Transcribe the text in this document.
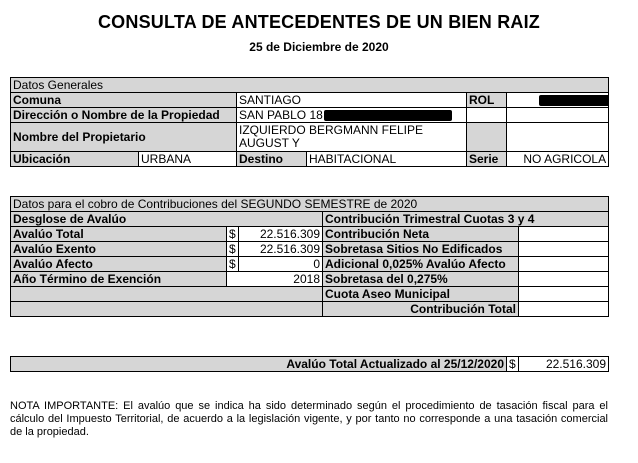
CONSULTA DE ANTECEDENTES DE UN BIEN RAIZ
25 de Diciembre de 2020
Datos Generales					
Comuna		SANTIAGO		ROL	
Dirección o Nombre de la Propiedad		SAN PABLO 18			
Nombre del Propietario		IZQUIERDO BERGMANN FELIPE AUGUST Y			
Ubicación	URBANA	Destino	HABITACIONAL	Serie	NO AGRICOLA
Datos para el cobro de Contribuciones del SEGUNDO SEMESTRE de 2020				
Desglose de Avalúo			Contribución Trimestral Cuotas 3 y 4	
Avalúo Total	$	22.516.309	Contribución Neta	
Avalúo Exento	$	22.516.309	Sobretasa Sitios No Edificados	
Avalúo Afecto	$	0	Adicional 0,025% Avalúo Afecto	
Año Término de Exención	2018		Sobretasa del 0,275%	
			Cuota Aseo Municipal	
			Contribución Total	
Avalúo Total Actualizado al 25/12/2020	$	22.516.309
NOTA IMPORTANTE: El avalúo que se indica ha sido determinado según el procedimiento de tasación fiscal para el cálculo del Impuesto Territorial, de acuerdo a la legislación vigente, y por tanto no corresponde a una tasación comercial de la propiedad.
